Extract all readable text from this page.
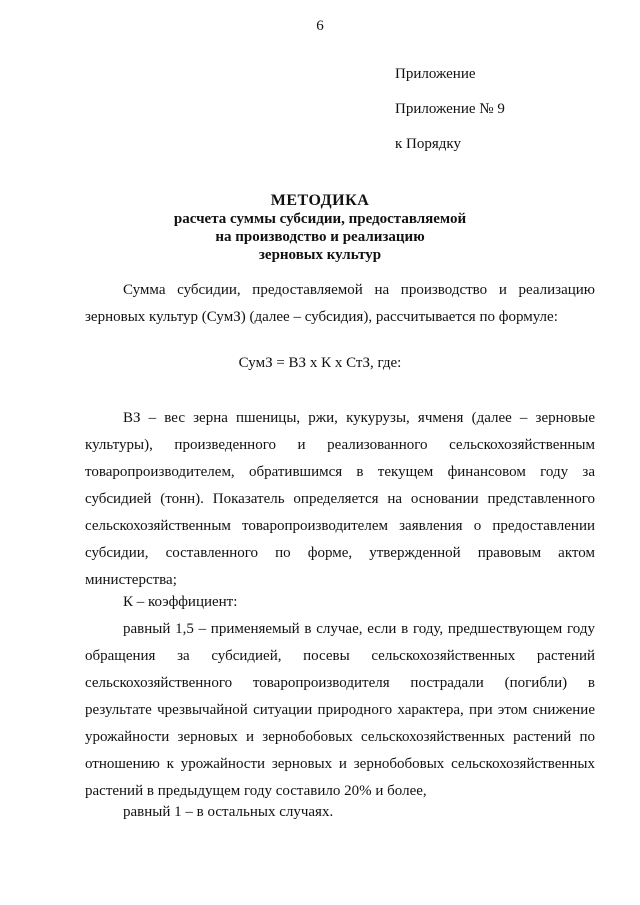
6
Приложение
Приложение № 9
к Порядку
МЕТОДИКА
расчета суммы субсидии, предоставляемой
на производство и реализацию
зерновых культур

Сумма субсидии, предоставляемой на производство и реализацию зерновых культур (СумЗ) (далее – субсидия), рассчитывается по формуле:

СумЗ = ВЗ х К х СтЗ, где:

ВЗ – вес зерна пшеницы, ржи, кукурузы, ячменя (далее – зерновые культуры), произведенного и реализованного сельскохозяйственным товаропроизводителем, обратившимся в текущем финансовом году за субсидией (тонн). Показатель определяется на основании представленного сельскохозяйственным товаропроизводителем заявления о предоставлении субсидии, составленного по форме, утвержденной правовым актом министерства;

К – коэффициент:

равный 1,5 – применяемый в случае, если в году, предшествующем году обращения за субсидией, посевы сельскохозяйственных растений сельскохозяйственного товаропроизводителя пострадали (погибли) в результате чрезвычайной ситуации природного характера, при этом снижение урожайности зерновых и зернобобовых сельскохозяйственных растений по отношению к урожайности зерновых и зернобобовых сельскохозяйственных растений в предыдущем году составило 20% и более,

равный 1 – в остальных случаях.
